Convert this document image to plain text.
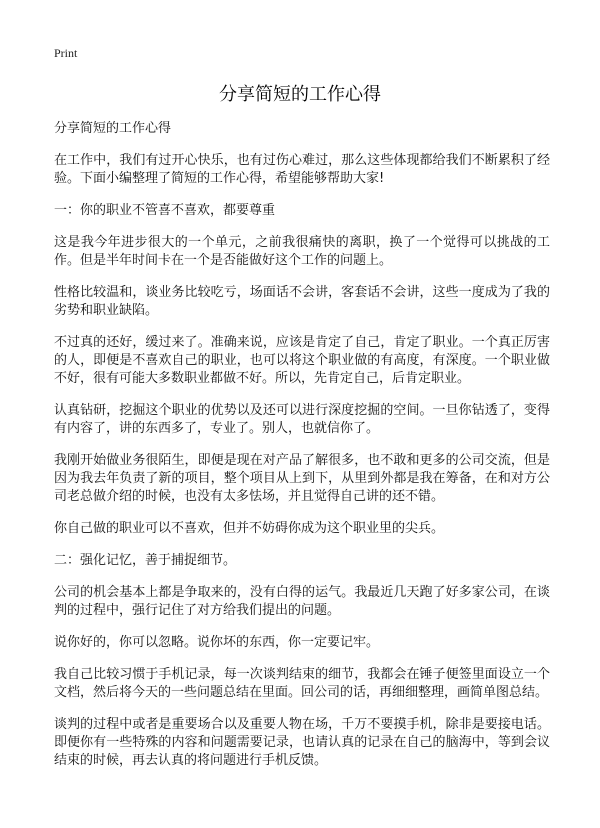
Print
分享简短的工作心得

分享简短的工作心得

在工作中，我们有过开心快乐，也有过伤心难过，那么这些体现都给我们不断累积了经验。下面小编整理了简短的工作心得，希望能够帮助大家!

一：你的职业不管喜不喜欢，都要尊重

这是我今年进步很大的一个单元，之前我很痛快的离职，换了一个觉得可以挑战的工作。但是半年时间卡在一个是否能做好这个工作的问题上。

性格比较温和，谈业务比较吃亏，场面话不会讲，客套话不会讲，这些一度成为了我的劣势和职业缺陷。

不过真的还好，缓过来了。准确来说，应该是肯定了自己，肯定了职业。一个真正厉害的人，即便是不喜欢自己的职业，也可以将这个职业做的有高度，有深度。一个职业做不好，很有可能大多数职业都做不好。所以，先肯定自己，后肯定职业。

认真钻研，挖掘这个职业的优势以及还可以进行深度挖掘的空间。一旦你钻透了，变得有内容了，讲的东西多了，专业了。别人，也就信你了。

我刚开始做业务很陌生，即便是现在对产品了解很多，也不敢和更多的公司交流，但是因为我去年负责了新的项目，整个项目从上到下，从里到外都是我在筹备，在和对方公司老总做介绍的时候，也没有太多怯场，并且觉得自己讲的还不错。

你自己做的职业可以不喜欢，但并不妨碍你成为这个职业里的尖兵。

二：强化记忆，善于捕捉细节。

公司的机会基本上都是争取来的，没有白得的运气。我最近几天跑了好多家公司，在谈判的过程中，强行记住了对方给我们提出的问题。

说你好的，你可以忽略。说你坏的东西，你一定要记牢。

我自己比较习惯于手机记录，每一次谈判结束的细节，我都会在锤子便签里面设立一个文档，然后将今天的一些问题总结在里面。回公司的话，再细细整理，画简单图总结。

谈判的过程中或者是重要场合以及重要人物在场，千万不要摸手机，除非是要接电话。即便你有一些特殊的内容和问题需要记录，也请认真的记录在自己的脑海中，等到会议结束的时候，再去认真的将问题进行手机反馈。
